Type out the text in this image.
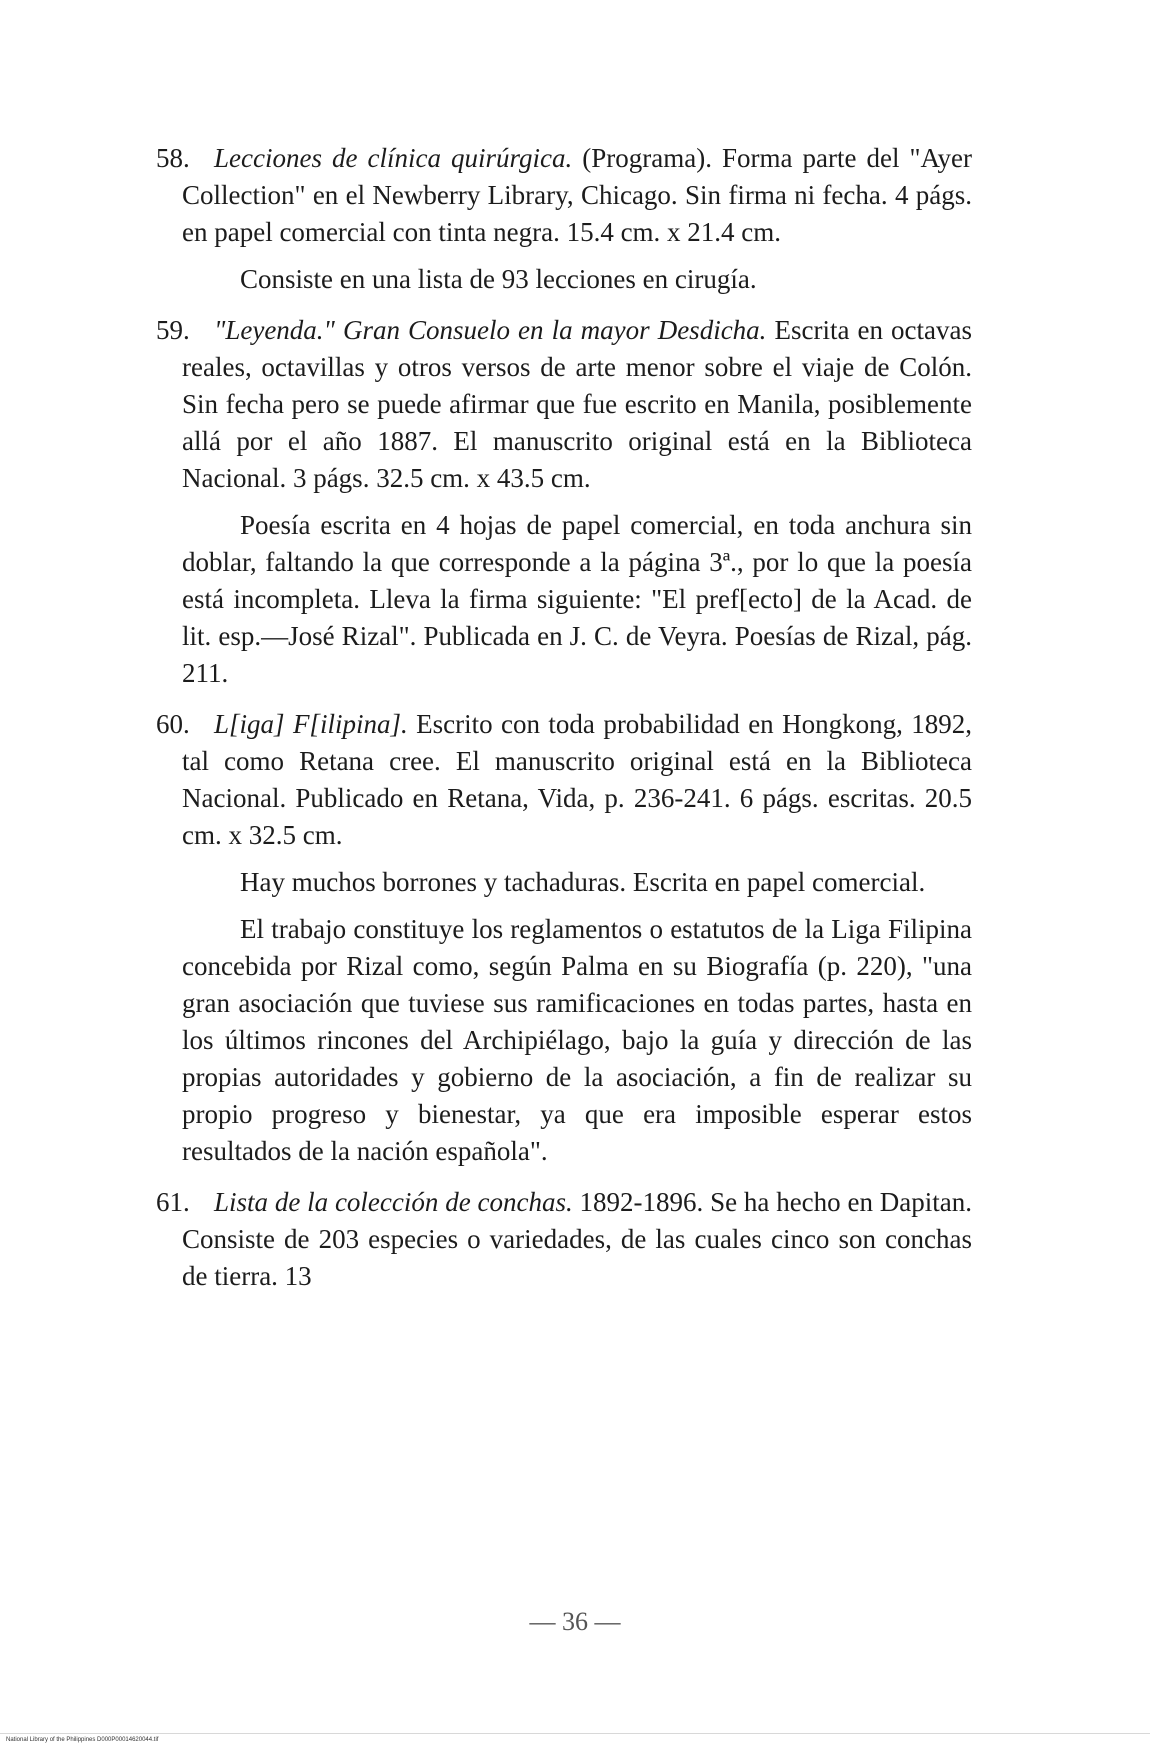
58. Lecciones de clínica quirúrgica. (Programa). Forma parte del "Ayer Collection" en el Newberry Library, Chicago. Sin firma ni fecha. 4 págs. en papel comercial con tinta negra. 15.4 cm. x 21.4 cm.

Consiste en una lista de 93 lecciones en cirugía.

59. "Leyenda." Gran Consuelo en la mayor Desdicha. Escrita en octavas reales, octavillas y otros versos de arte menor sobre el viaje de Colón. Sin fecha pero se puede afirmar que fue escrito en Manila, posiblemente allá por el año 1887. El manuscrito original está en la Biblioteca Nacional. 3 págs. 32.5 cm. x 43.5 cm.

Poesía escrita en 4 hojas de papel comercial, en toda anchura sin doblar, faltando la que corresponde a la página 3ª., por lo que la poesía está incompleta. Lleva la firma siguiente: "El pref[ecto] de la Acad. de lit. esp.—José Rizal". Publicada en J. C. de Veyra. Poesías de Rizal, pág. 211.

60. L[iga] F[ilipina]. Escrito con toda probabilidad en Hongkong, 1892, tal como Retana cree. El manuscrito original está en la Biblioteca Nacional. Publicado en Retana, Vida, p. 236-241. 6 págs. escritas. 20.5 cm. x 32.5 cm.

Hay muchos borrones y tachaduras. Escrita en papel comercial.

El trabajo constituye los reglamentos o estatutos de la Liga Filipina concebida por Rizal como, según Palma en su Biografía (p. 220), "una gran asociación que tuviese sus ramificaciones en todas partes, hasta en los últimos rincones del Archipiélago, bajo la guía y dirección de las propias autoridades y gobierno de la asociación, a fin de realizar su propio progreso y bienestar, ya que era imposible esperar estos resultados de la nación española".

61. Lista de la colección de conchas. 1892-1896. Se ha hecho en Dapitan. Consiste de 203 especies o variedades, de las cuales cinco son conchas de tierra. 13

— 36 —
National Library of the Philippines D000P00014620044.tif
